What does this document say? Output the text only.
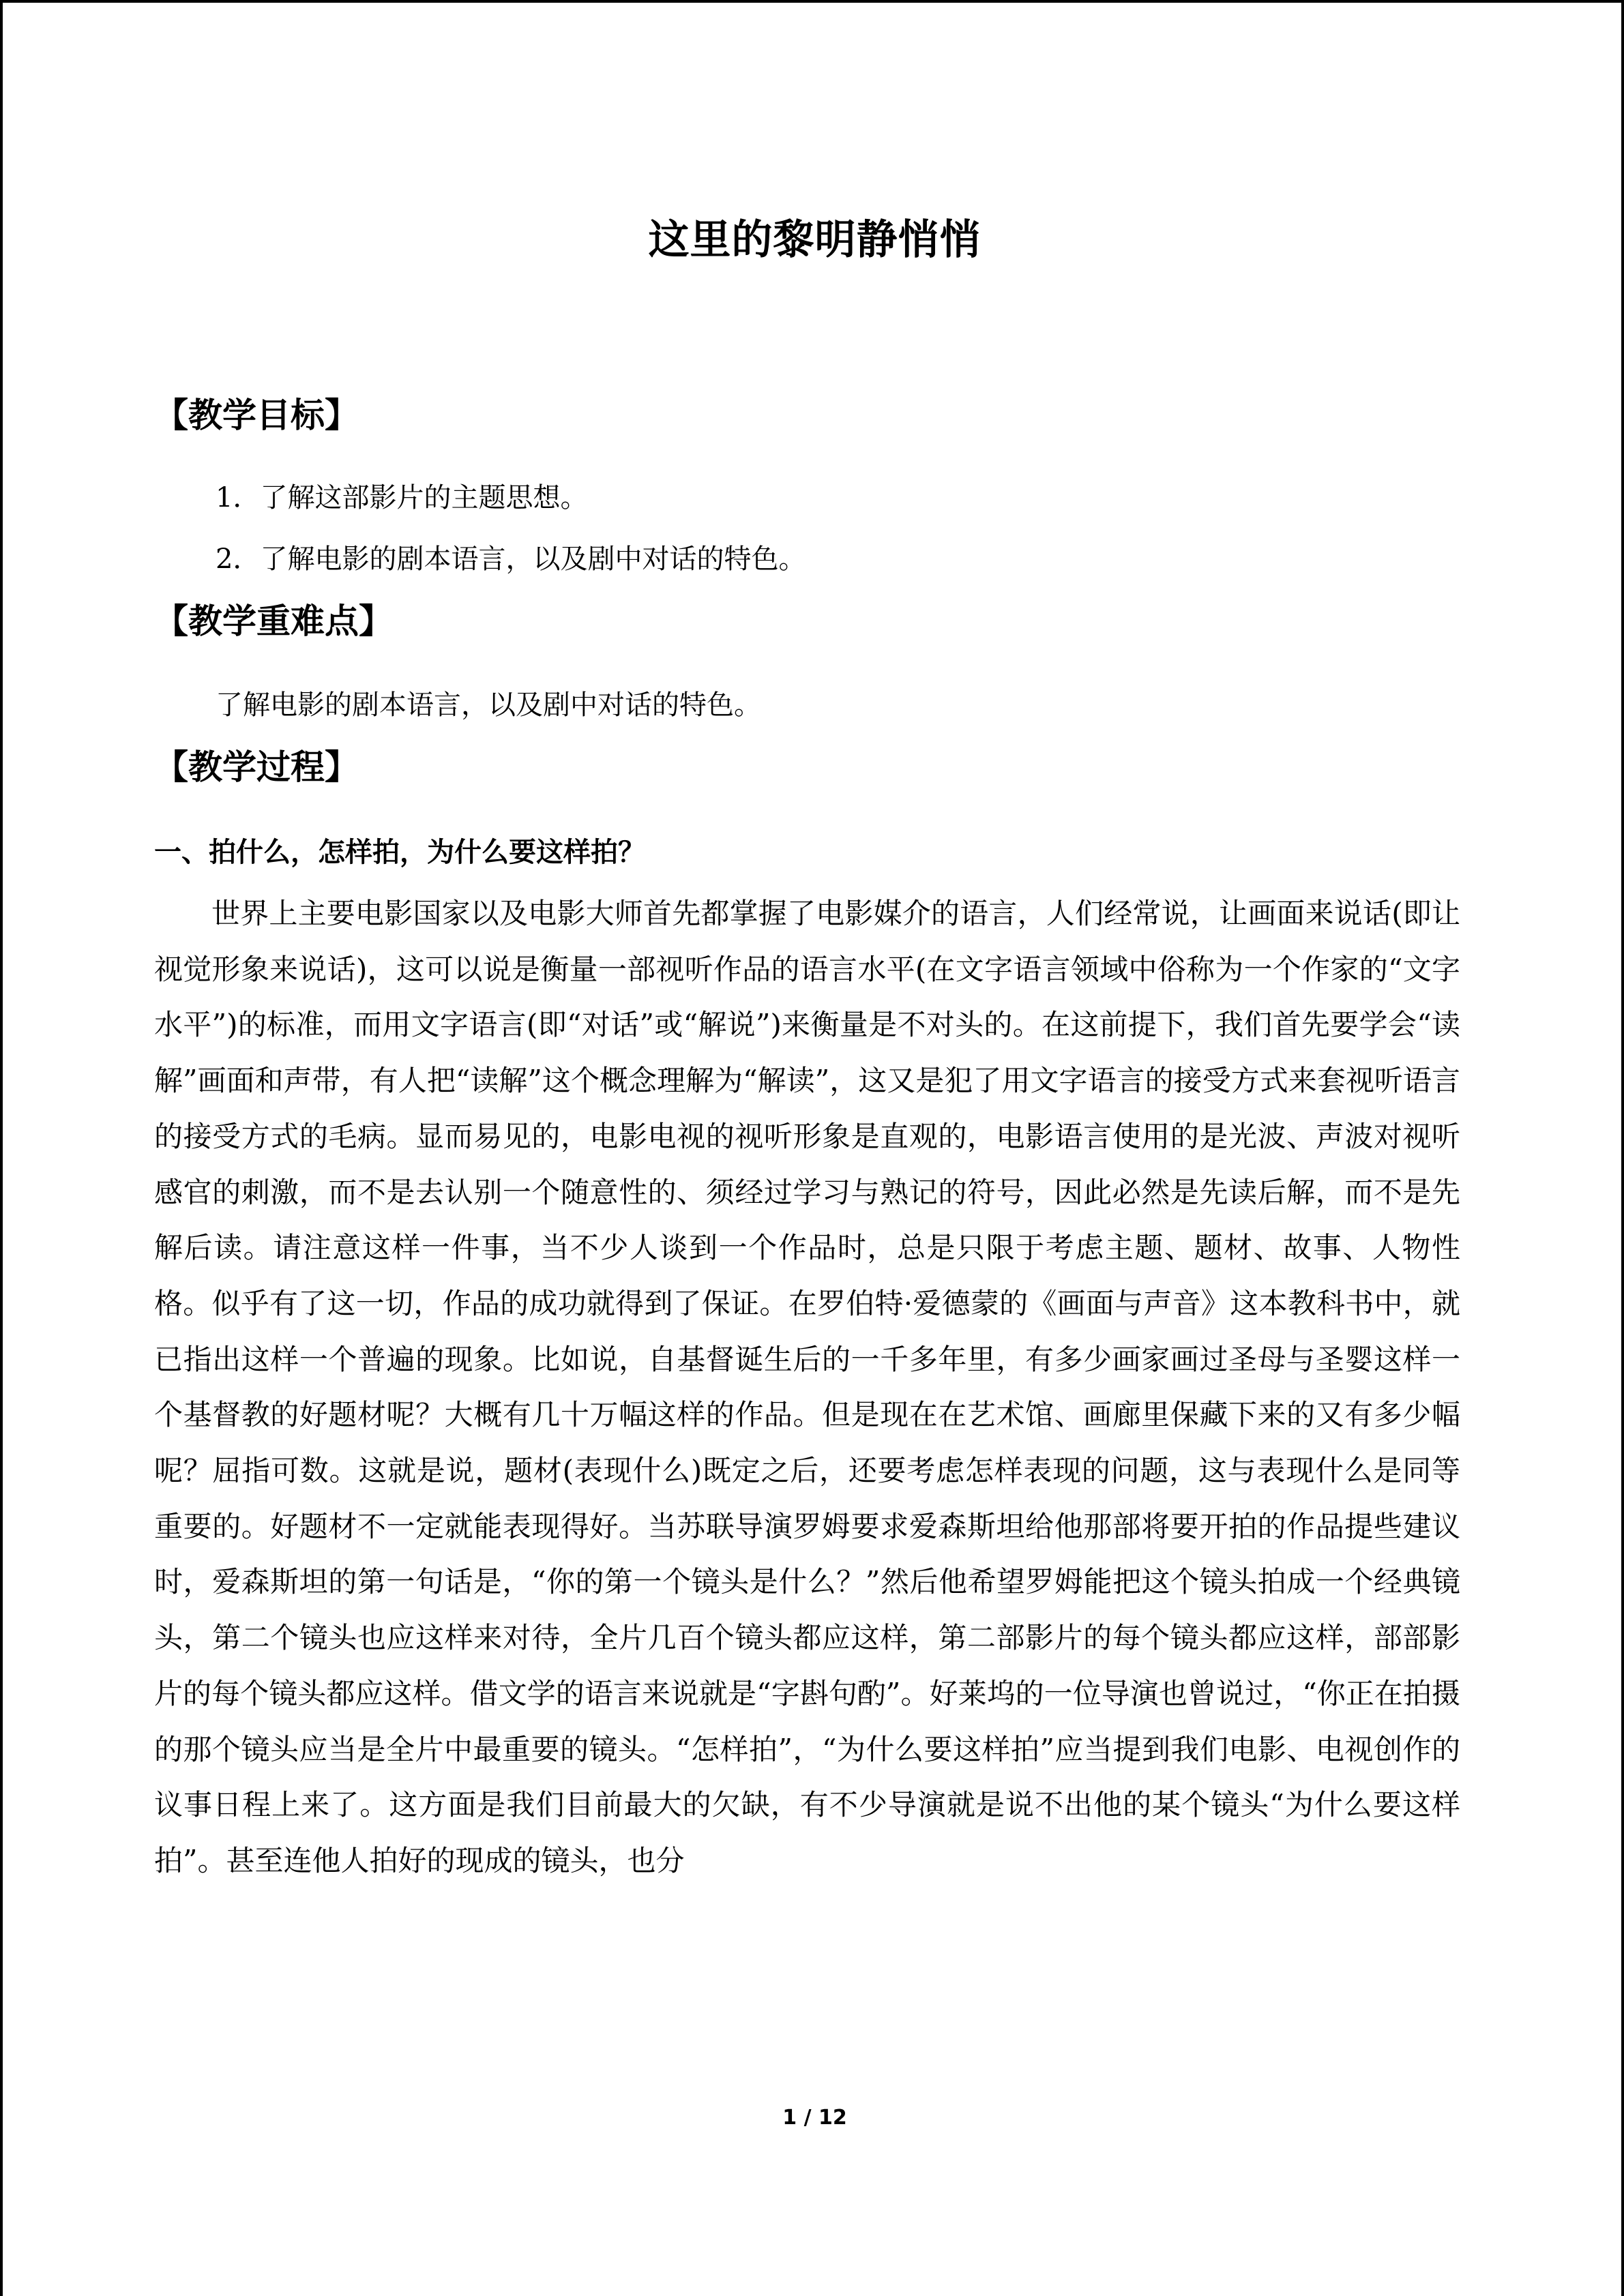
这里的黎明静悄悄
【教学目标】

1．了解这部影片的主题思想。

2．了解电影的剧本语言，以及剧中对话的特色。

【教学重难点】

了解电影的剧本语言，以及剧中对话的特色。

【教学过程】
一、拍什么，怎样拍，为什么要这样拍？

世界上主要电影国家以及电影大师首先都掌握了电影媒介的语言，人们经常说，让画面来说话(即让视觉形象来说话)，这可以说是衡量一部视听作品的语言水平(在文字语言领域中俗称为一个作家的“文字水平”)的标准，而用文字语言(即“对话”或“解说”)来衡量是不对头的。在这前提下，我们首先要学会“读解”画面和声带，有人把“读解”这个概念理解为“解读”，这又是犯了用文字语言的接受方式来套视听语言的接受方式的毛病。显而易见的，电影电视的视听形象是直观的，电影语言使用的是光波、声波对视听感官的刺激，而不是去认别一个随意性的、须经过学习与熟记的符号，因此必然是先读后解，而不是先解后读。请注意这样一件事，当不少人谈到一个作品时，总是只限于考虑主题、题材、故事、人物性格。似乎有了这一切，作品的成功就得到了保证。在罗伯特·爱德蒙的《画面与声音》这本教科书中，就已指出这样一个普遍的现象。比如说，自基督诞生后的一千多年里，有多少画家画过圣母与圣婴这样一个基督教的好题材呢？大概有几十万幅这样的作品。但是现在在艺术馆、画廊里保藏下来的又有多少幅呢？屈指可数。这就是说，题材(表现什么)既定之后，还要考虑怎样表现的问题，这与表现什么是同等重要的。好题材不一定就能表现得好。当苏联导演罗姆要求爱森斯坦给他那部将要开拍的作品提些建议时，爱森斯坦的第一句话是，“你的第一个镜头是什么？”然后他希望罗姆能把这个镜头拍成一个经典镜头，第二个镜头也应这样来对待，全片几百个镜头都应这样，第二部影片的每个镜头都应这样，部部影片的每个镜头都应这样。借文学的语言来说就是“字斟句酌”。好莱坞的一位导演也曾说过，“你正在拍摄的那个镜头应当是全片中最重要的镜头。“怎样拍”，“为什么要这样拍”应当提到我们电影、电视创作的议事日程上来了。这方面是我们目前最大的欠缺，有不少导演就是说不出他的某个镜头“为什么要这样拍”。甚至连他人拍好的现成的镜头，也分

1 / 12
